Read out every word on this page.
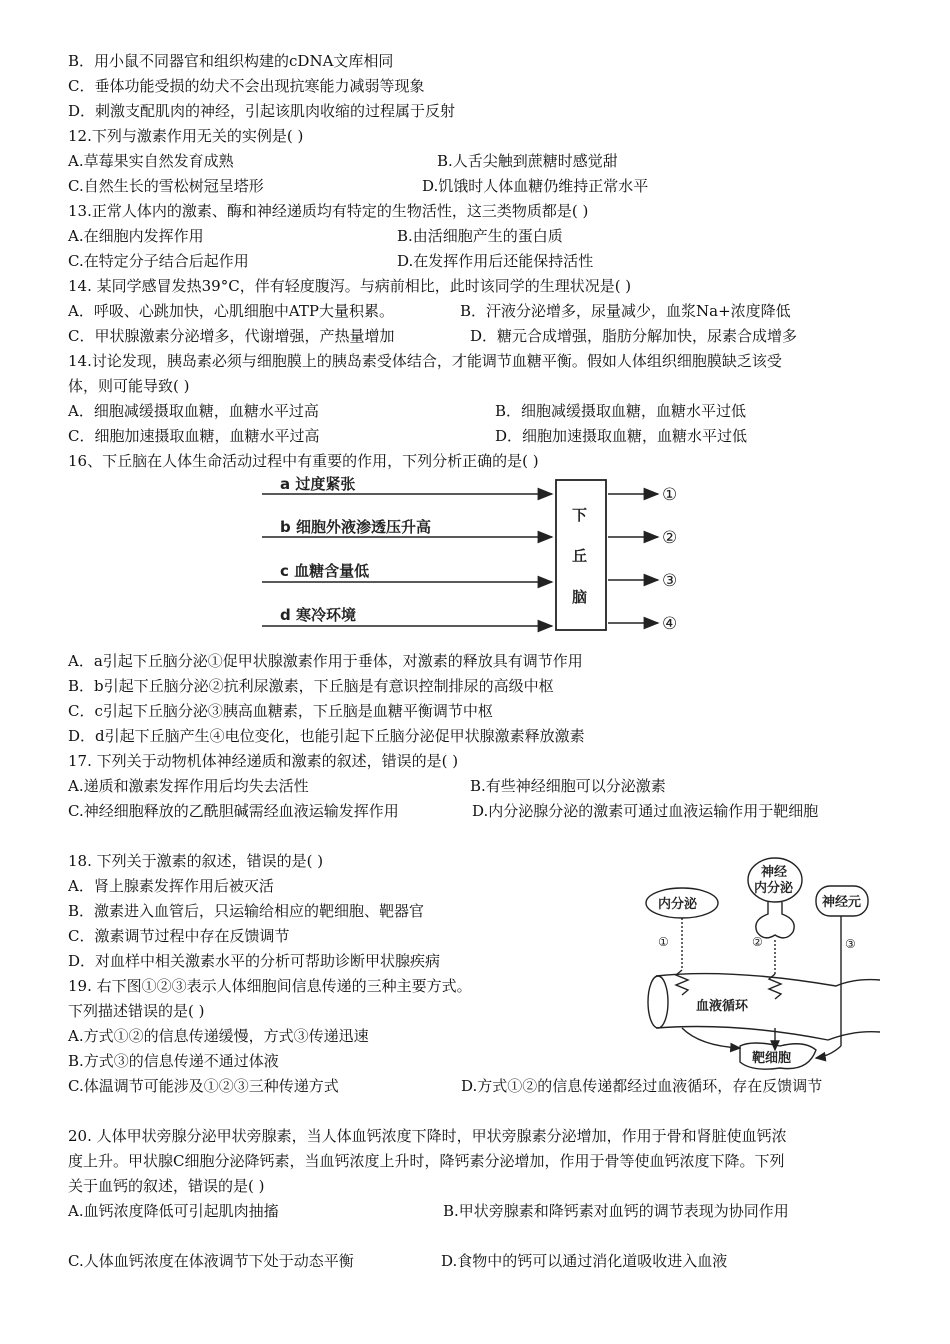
B．用小鼠不同器官和组织构建的cDNA文库相同
C．垂体功能受损的幼犬不会出现抗寒能力减弱等现象
D．刺激支配肌肉的神经，引起该肌肉收缩的过程属于反射
12.下列与激素作用无关的实例是( )
A.草莓果实自然发育成熟	B.人舌尖触到蔗糖时感觉甜
C.自然生长的雪松树冠呈塔形	D.饥饿时人体血糖仍维持正常水平
13.正常人体内的激素、酶和神经递质均有特定的生物活性，这三类物质都是( )
A.在细胞内发挥作用	B.由活细胞产生的蛋白质
C.在特定分子结合后起作用	D.在发挥作用后还能保持活性
14. 某同学感冒发热39°C，伴有轻度腹泻。与病前相比，此时该同学的生理状况是( )
A．呼吸、心跳加快，心肌细胞中ATP大量积累。	B．汗液分泌增多，尿量减少，血浆Na+浓度降低
C．甲状腺激素分泌增多，代谢增强，产热量增加	D．糖元合成增强，脂肪分解加快，尿素合成增多
14.讨论发现，胰岛素必须与细胞膜上的胰岛素受体结合，才能调节血糖平衡。假如人体组织细胞膜缺乏该受
体，则可能导致( )
A．细胞减缓摄取血糖，血糖水平过高	B．细胞减缓摄取血糖，血糖水平过低
C．细胞加速摄取血糖，血糖水平过高	D．细胞加速摄取血糖，血糖水平过低
16、下丘脑在人体生命活动过程中有重要的作用，下列分析正确的是( )
a 过度紧张
b 细胞外液渗透压升高
c 血糖含量低
d 寒冷环境
下
丘
脑
①
②
③
④
A．a引起下丘脑分泌①促甲状腺激素作用于垂体，对激素的释放具有调节作用
B．b引起下丘脑分泌②抗利尿激素，下丘脑是有意识控制排尿的高级中枢
C．c引起下丘脑分泌③胰高血糖素，下丘脑是血糖平衡调节中枢
D．d引起下丘脑产生④电位变化，也能引起下丘脑分泌促甲状腺激素释放激素
17. 下列关于动物机体神经递质和激素的叙述，错误的是( )
A.递质和激素发挥作用后均失去活性	B.有些神经细胞可以分泌激素
C.神经细胞释放的乙酰胆碱需经血液运输发挥作用	D.内分泌腺分泌的激素可通过血液运输作用于靶细胞
18. 下列关于激素的叙述，错误的是( )
A．肾上腺素发挥作用后被灭活
B．激素进入血管后，只运输给相应的靶细胞、靶器官
C．激素调节过程中存在反馈调节
D．对血样中相关激素水平的分析可帮助诊断甲状腺疾病
19. 右下图①②③表示人体细胞间信息传递的三种主要方式。
下列描述错误的是( )
A.方式①②的信息传递缓慢，方式③传递迅速
B.方式③的信息传递不通过体液
C.体温调节可能涉及①②③三种传递方式	D.方式①②的信息传递都经过血液循环，存在反馈调节
内分泌
神经
内分泌
神经元
血液循环
靶细胞
①	②	③
20. 人体甲状旁腺分泌甲状旁腺素，当人体血钙浓度下降时，甲状旁腺素分泌增加，作用于骨和肾脏使血钙浓
度上升。甲状腺C细胞分泌降钙素，当血钙浓度上升时，降钙素分泌增加，作用于骨等使血钙浓度下降。下列
关于血钙的叙述，错误的是( )
A.血钙浓度降低可引起肌肉抽搐	B.甲状旁腺素和降钙素对血钙的调节表现为协同作用
C.人体血钙浓度在体液调节下处于动态平衡	D.食物中的钙可以通过消化道吸收进入血液
